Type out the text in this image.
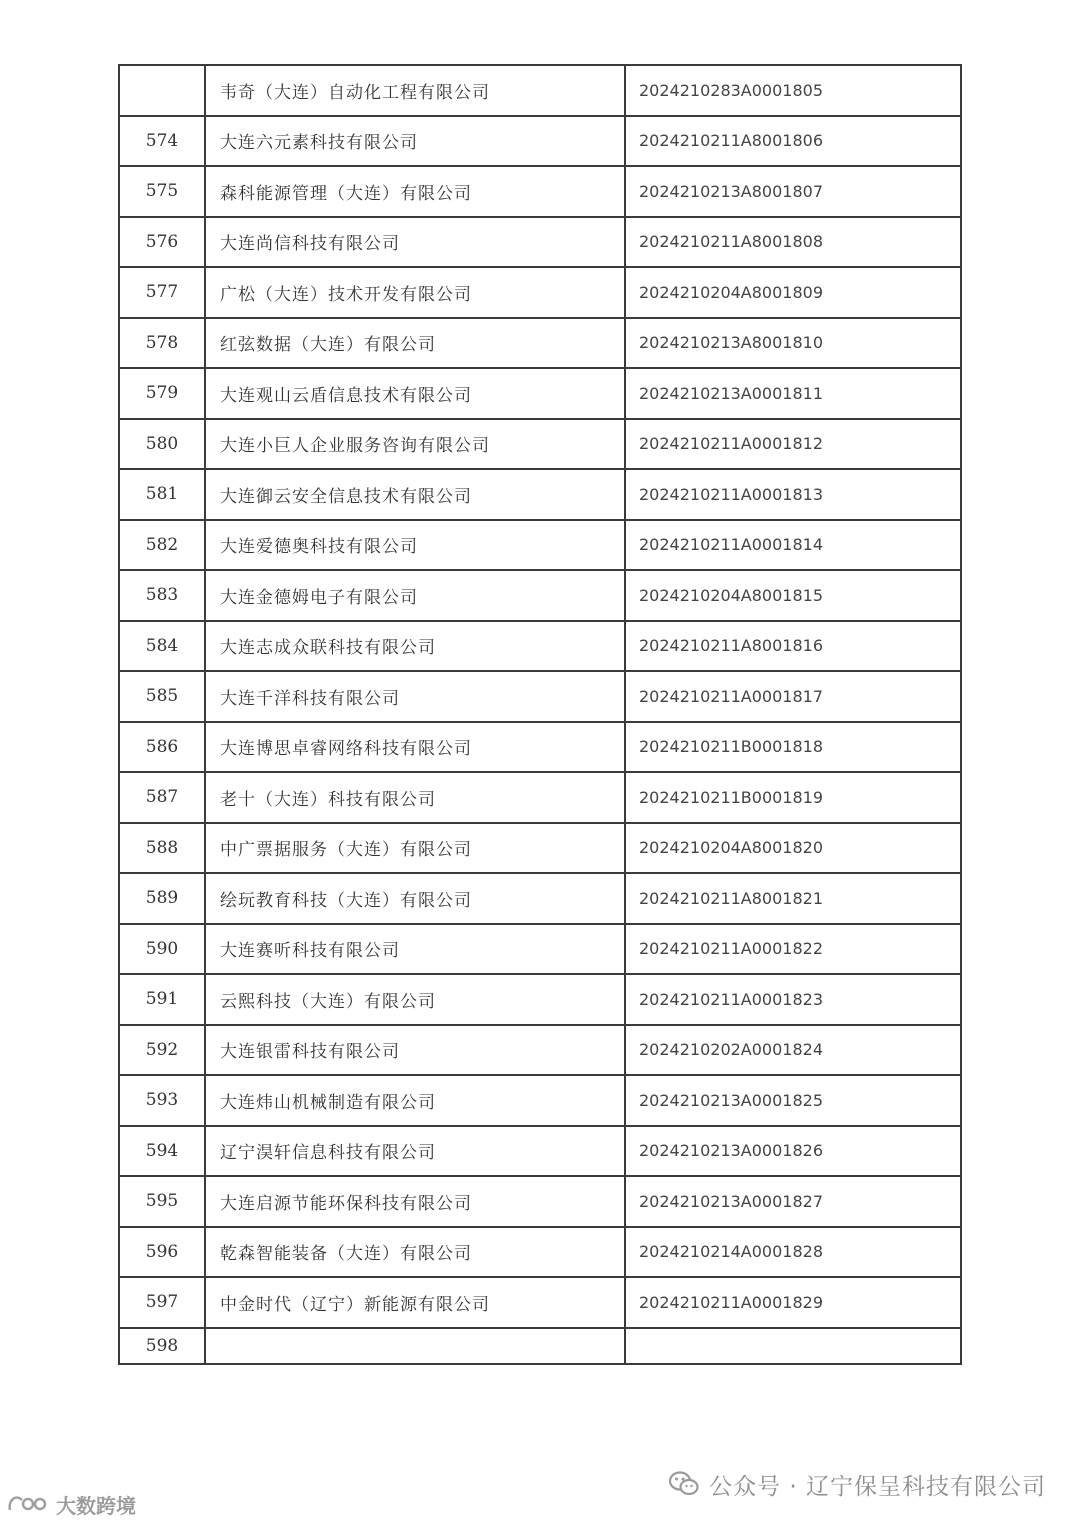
	韦奇（大连）自动化工程有限公司	2024210283A0001805
574	大连六元素科技有限公司	2024210211A8001806
575	森科能源管理（大连）有限公司	2024210213A8001807
576	大连尚信科技有限公司	2024210211A8001808
577	广松（大连）技术开发有限公司	2024210204A8001809
578	红弦数据（大连）有限公司	2024210213A8001810
579	大连观山云盾信息技术有限公司	2024210213A0001811
580	大连小巨人企业服务咨询有限公司	2024210211A0001812
581	大连御云安全信息技术有限公司	2024210211A0001813
582	大连爱德奥科技有限公司	2024210211A0001814
583	大连金德姆电子有限公司	2024210204A8001815
584	大连志成众联科技有限公司	2024210211A8001816
585	大连千洋科技有限公司	2024210211A0001817
586	大连博思卓睿网络科技有限公司	2024210211B0001818
587	老十（大连）科技有限公司	2024210211B0001819
588	中广票据服务（大连）有限公司	2024210204A8001820
589	绘玩教育科技（大连）有限公司	2024210211A8001821
590	大连赛听科技有限公司	2024210211A0001822
591	云熙科技（大连）有限公司	2024210211A0001823
592	大连银雷科技有限公司	2024210202A0001824
593	大连炜山机械制造有限公司	2024210213A0001825
594	辽宁淏轩信息科技有限公司	2024210213A0001826
595	大连启源节能环保科技有限公司	2024210213A0001827
596	乾森智能装备（大连）有限公司	2024210214A0001828
597	中金时代（辽宁）新能源有限公司	2024210211A0001829
598		
公众号 · 辽宁保呈科技有限公司
大数跨境
